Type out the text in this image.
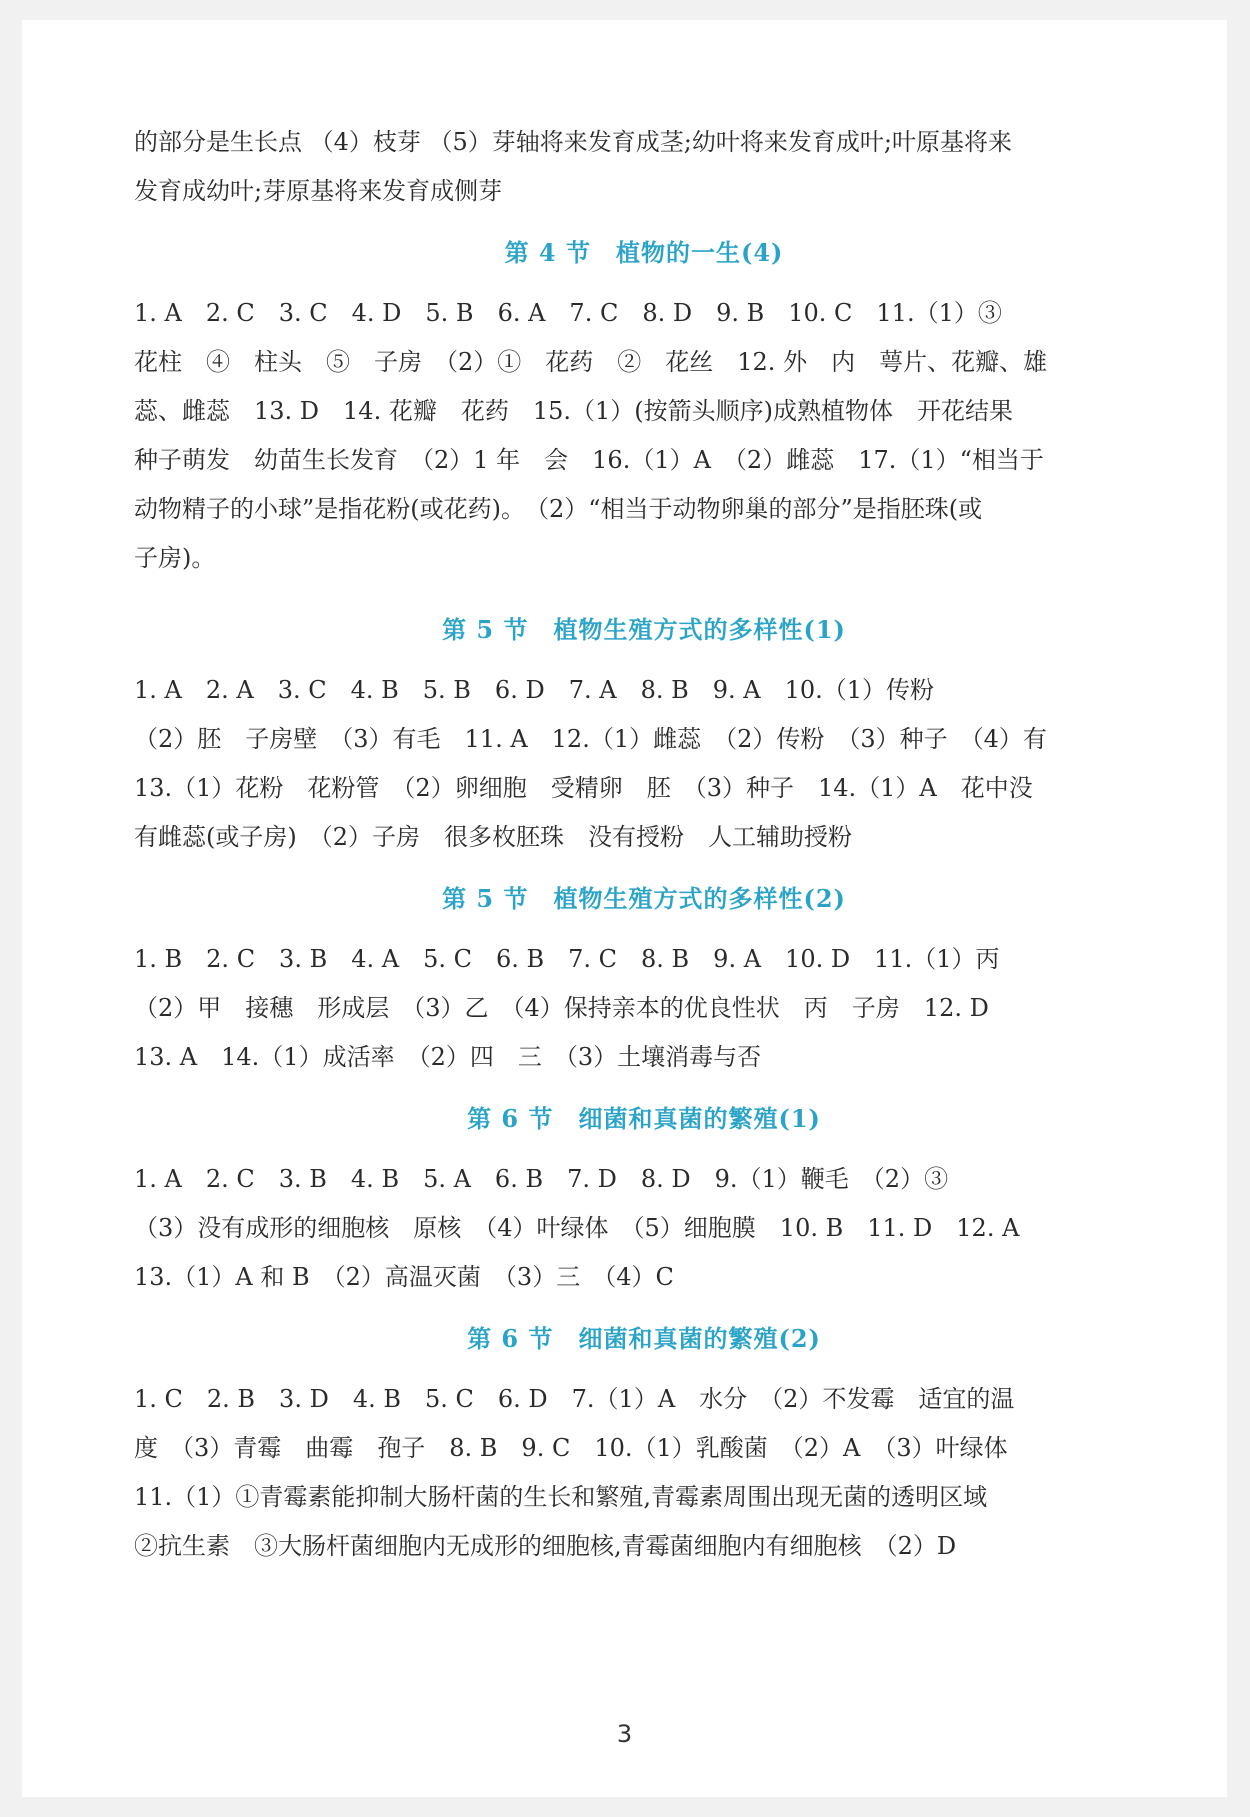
的部分是生长点 （4）枝芽 （5）芽轴将来发育成茎;幼叶将来发育成叶;叶原基将来
发育成幼叶;芽原基将来发育成侧芽
第 4 节　植物的一生(4)
1. A　2. C　3. C　4. D　5. B　6. A　7. C　8. D　9. B　10. C　11.（1）③
花柱　④　柱头　⑤　子房　（2）①　花药　②　花丝　12. 外　内　萼片、花瓣、雄
蕊、雌蕊　13. D　14. 花瓣　花药　15.（1）(按箭头顺序)成熟植物体　开花结果
种子萌发　幼苗生长发育　（2）1 年　会　16.（1）A　（2）雌蕊　17.（1）“相当于
动物精子的小球”是指花粉(或花药)。　（2）“相当于动物卵巢的部分”是指胚珠(或
子房)。
第 5 节　植物生殖方式的多样性(1)
1. A　2. A　3. C　4. B　5. B　6. D　7. A　8. B　9. A　10.（1）传粉
（2）胚　子房壁　（3）有毛　11. A　12.（1）雌蕊　（2）传粉　（3）种子　（4）有
13.（1）花粉　花粉管　（2）卵细胞　受精卵　胚　（3）种子　14.（1）A　花中没
有雌蕊(或子房)　（2）子房　很多枚胚珠　没有授粉　人工辅助授粉
第 5 节　植物生殖方式的多样性(2)
1. B　2. C　3. B　4. A　5. C　6. B　7. C　8. B　9. A　10. D　11.（1）丙
（2）甲　接穗　形成层　（3）乙　（4）保持亲本的优良性状　丙　子房　12. D
13. A　14.（1）成活率　（2）四　三　（3）土壤消毒与否
第 6 节　细菌和真菌的繁殖(1)
1. A　2. C　3. B　4. B　5. A　6. B　7. D　8. D　9.（1）鞭毛　（2）③
（3）没有成形的细胞核　原核　（4）叶绿体　（5）细胞膜　10. B　11. D　12. A
13.（1）A 和 B　（2）高温灭菌　（3）三　（4）C
第 6 节　细菌和真菌的繁殖(2)
1. C　2. B　3. D　4. B　5. C　6. D　7.（1）A　水分　（2）不发霉　适宜的温
度　（3）青霉　曲霉　孢子　8. B　9. C　10.（1）乳酸菌　（2）A　（3）叶绿体
11.（1）①青霉素能抑制大肠杆菌的生长和繁殖,青霉素周围出现无菌的透明区域
②抗生素　③大肠杆菌细胞内无成形的细胞核,青霉菌细胞内有细胞核　（2）D
3
